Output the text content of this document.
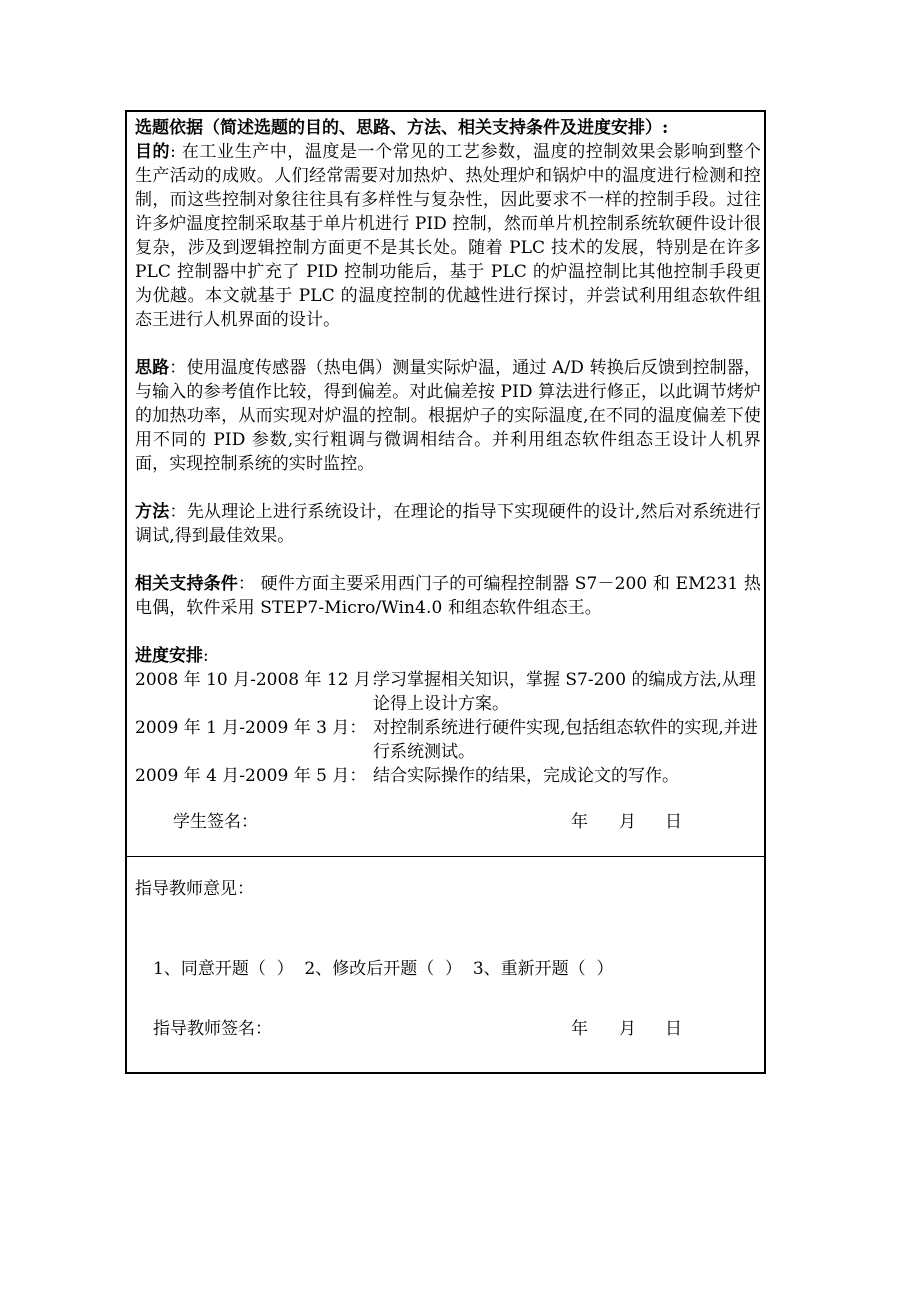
选题依据（简述选题的目的、思路、方法、相关支持条件及进度安排）:
目的: 在工业生产中，温度是一个常见的工艺参数，温度的控制效果会影响到整个生产活动的成败。人们经常需要对加热炉、热处理炉和锅炉中的温度进行检测和控制，而这些控制对象往往具有多样性与复杂性，因此要求不一样的控制手段。过往许多炉温度控制采取基于单片机进行 PID 控制，然而单片机控制系统软硬件设计很复杂，涉及到逻辑控制方面更不是其长处。随着 PLC 技术的发展，特别是在许多 PLC 控制器中扩充了 PID 控制功能后，基于 PLC 的炉温控制比其他控制手段更为优越。本文就基于 PLC 的温度控制的优越性进行探讨，并尝试利用组态软件组态王进行人机界面的设计。
思路：使用温度传感器（热电偶）测量实际炉温，通过 A/D 转换后反馈到控制器，与输入的参考值作比较，得到偏差。对此偏差按 PID 算法进行修正，以此调节烤炉的加热功率，从而实现对炉温的控制。根据炉子的实际温度,在不同的温度偏差下使用不同的 PID 参数,实行粗调与微调相结合。并利用组态软件组态王设计人机界面，实现控制系统的实时监控。
方法：先从理论上进行系统设计，在理论的指导下实现硬件的设计,然后对系统进行调试,得到最佳效果。
相关支持条件： 硬件方面主要采用西门子的可编程控制器 S7－200 和 EM231 热电偶，软件采用 STEP7-Micro/Win4.0 和组态软件组态王。
进度安排:
2008 年 10 月-2008 年 12 月：
学习掌握相关知识，掌握 S7-200 的编成方法,从理论得上设计方案。
2009 年 1 月-2009 年 3 月： 对控制系统进行硬件实现,包括组态软件的实现,并进行系统测试。
2009 年 4 月-2009 年 5 月： 结合实际操作的结果，完成论文的写作。
学生签名：	年 月 日
指导教师意见：
1、同意开题（  ）  2、修改后开题（  ）  3、重新开题（  ）
指导教师签名：	年 月 日
